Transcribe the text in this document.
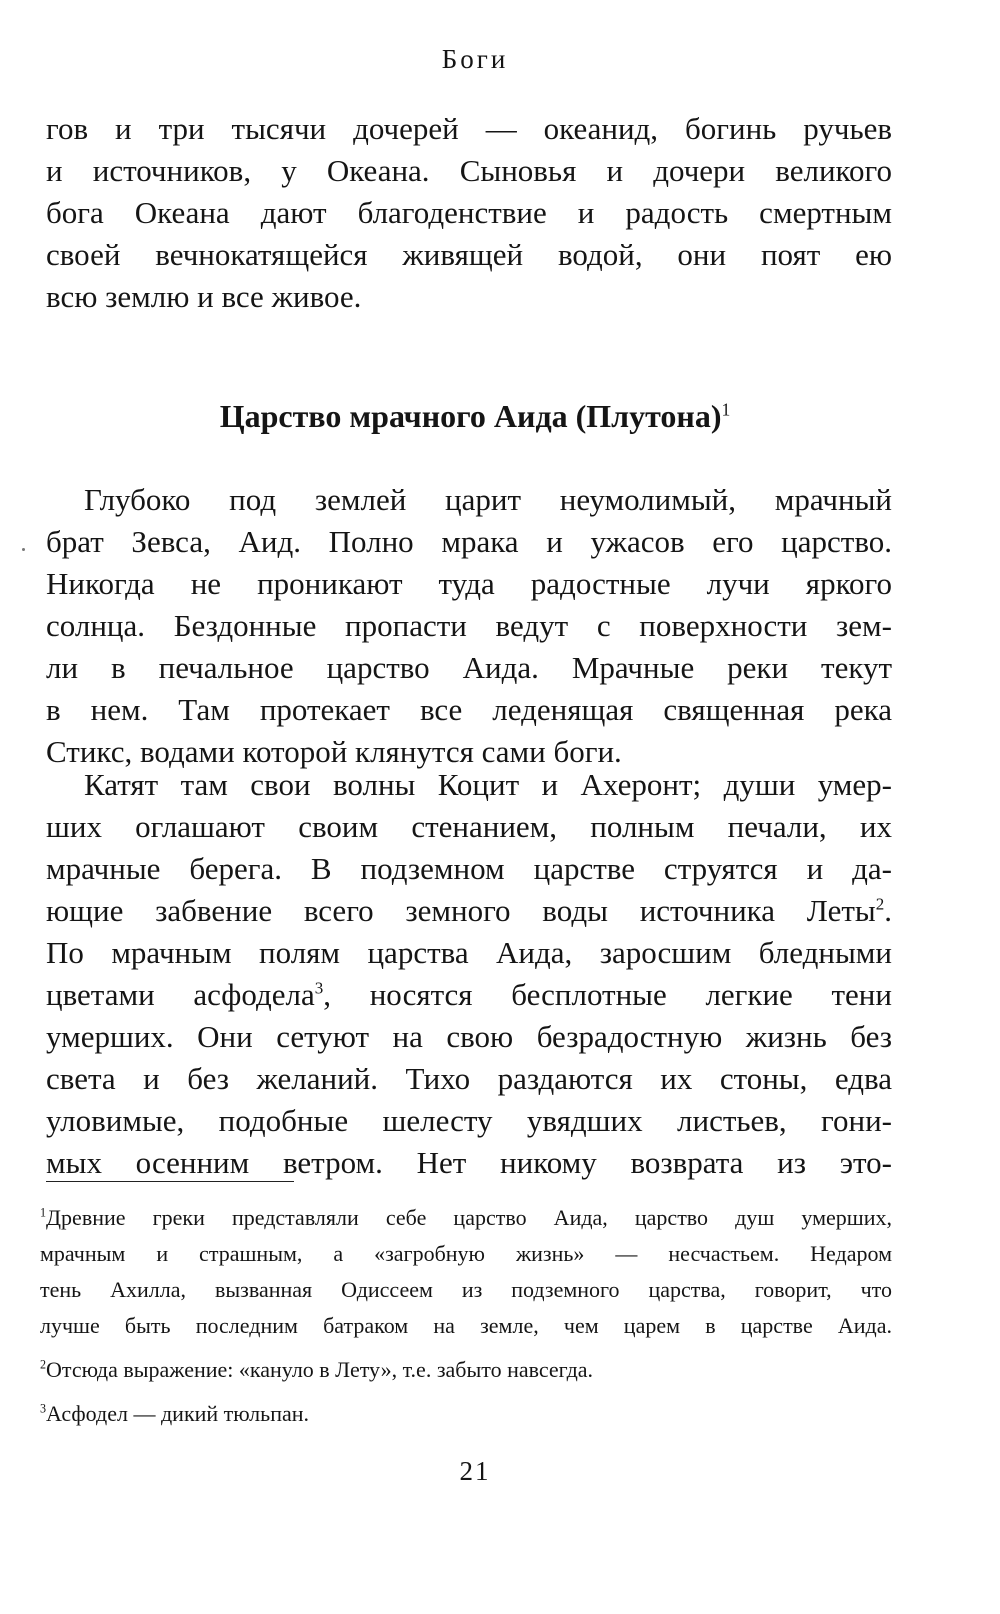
Боги
гов и три тысячи дочерей — океанид, богинь ручьев
и источников, у Океана. Сыновья и дочери великого
бога Океана дают благоденствие и радость смертным
своей вечнокатящейся живящей водой, они поят ею
всю землю и все живое.
Царство мрачного Аида (Плутона)$^1$
Глубоко под землей царит неумолимый, мрачный
брат Зевса, Аид. Полно мрака и ужасов его царство.
Никогда не проникают туда радостные лучи яркого
солнца. Бездонные пропасти ведут с поверхности зем-
ли в печальное царство Аида. Мрачные реки текут
в нем. Там протекает все леденящая священная река
Стикс, водами которой клянутся сами боги.
Катят там свои волны Коцит и Ахеронт; души умер-
ших оглашают своим стенанием, полным печали, их
мрачные берега. В подземном царстве струятся и да-
ющие забвение всего земного воды источника Леты$^2$.
По мрачным полям царства Аида, заросшим бледными
цветами асфодела$^3$, носятся бесплотные легкие тени
умерших. Они сетуют на свою безрадостную жизнь без
света и без желаний. Тихо раздаются их стоны, едва
уловимые, подобные шелесту увядших листьев, гони-
мых осенним ветром. Нет никому возврата из это-
$^1$Древние греки представляли себе царство Аида, царство душ умерших,
мрачным и страшным, а «загробную жизнь» — несчастьем. Недаром
тень Ахилла, вызванная Одиссеем из подземного царства, говорит, что
лучше быть последним батраком на земле, чем царем в царстве Аида.
$^2$Отсюда выражение: «кануло в Лету», т.е. забыто навсегда.
$^3$Асфодел — дикий тюльпан.
21
